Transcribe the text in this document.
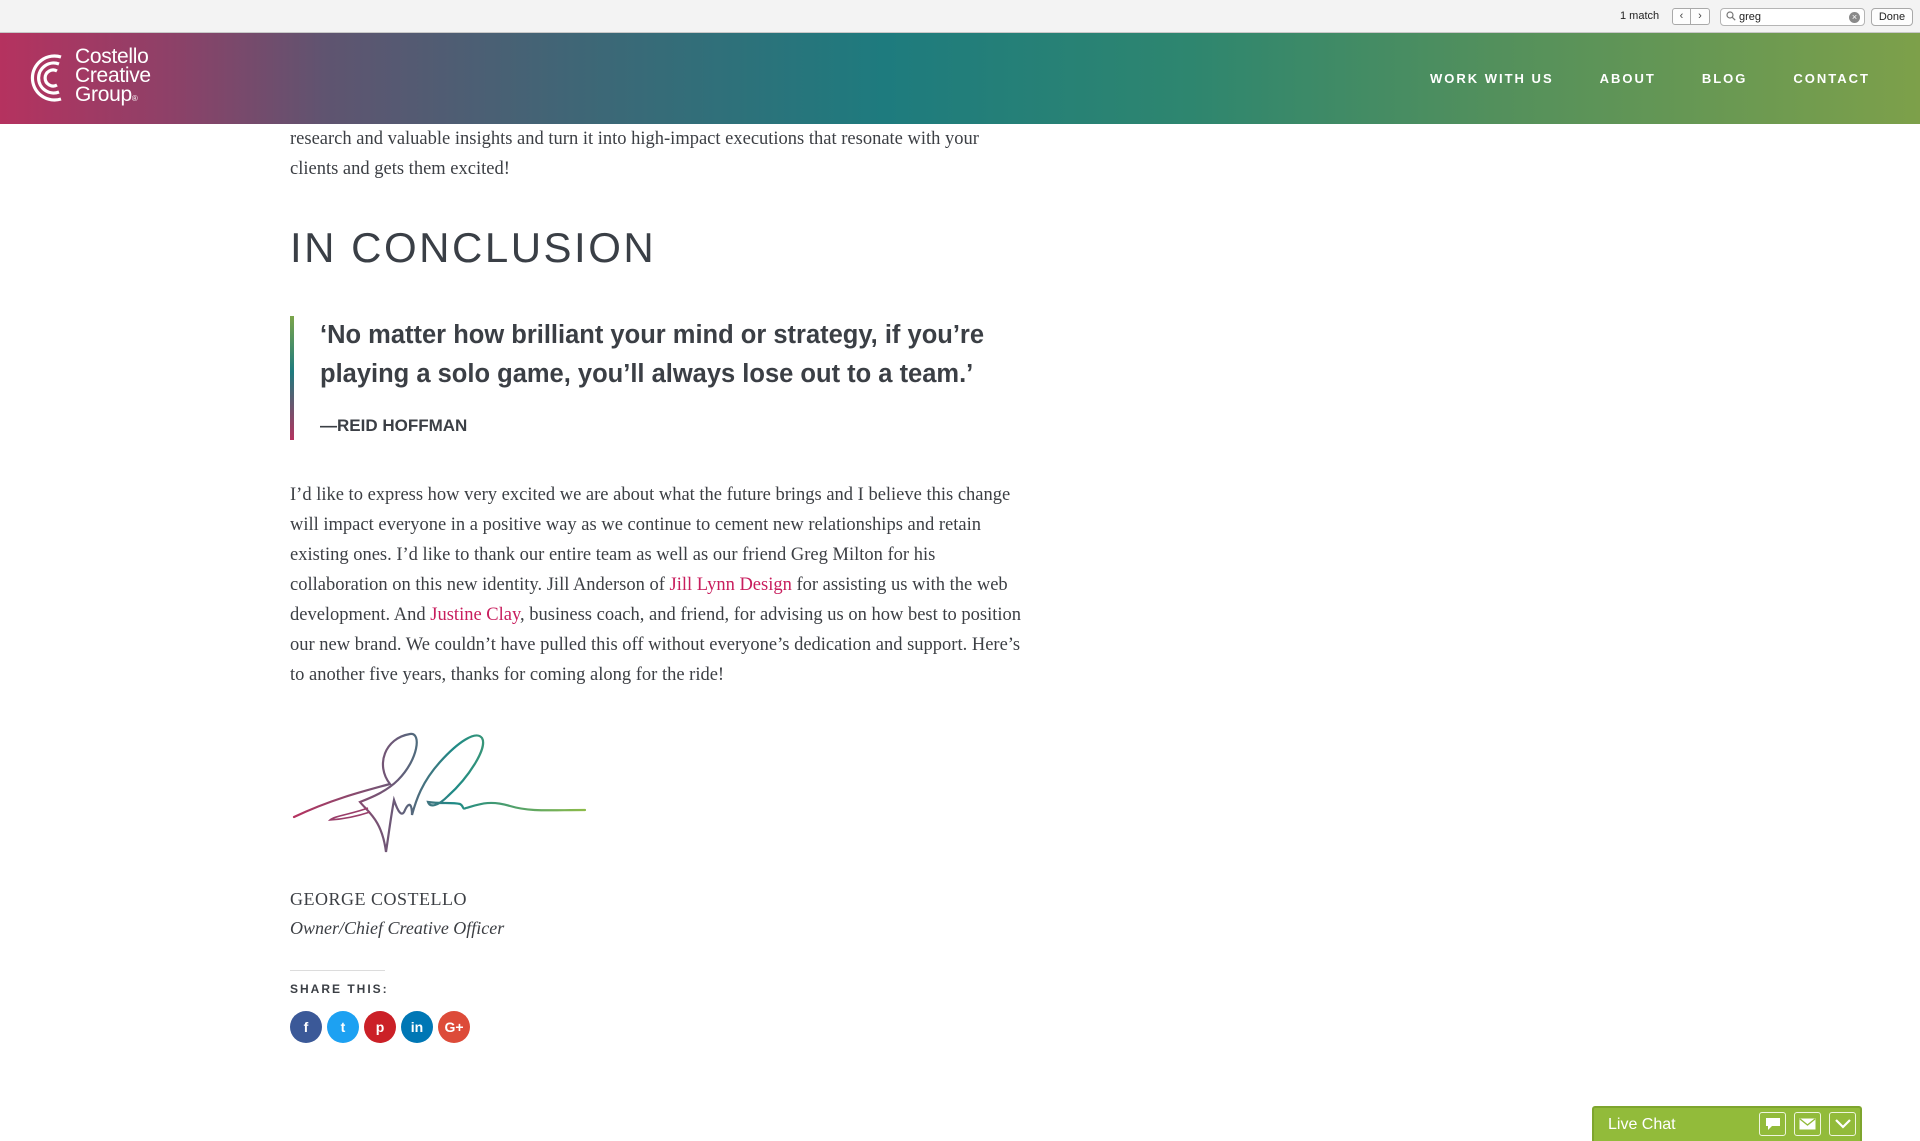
1 match	‹	›
greg	×	Done
Costello
Creative
Group®
WORK WITH US	ABOUT	BLOG	CONTACT

research and valuable insights and turn it into high-impact executions that resonate with your clients and gets them excited!

IN CONCLUSION
‘No matter how brilliant your mind or strategy, if you’re playing a solo game, you’ll always lose out to a team.’
—REID HOFFMAN

I’d like to express how very excited we are about what the future brings and I believe this change will impact everyone in a positive way as we continue to cement new relationships and retain existing ones. I’d like to thank our entire team as well as our friend Greg Milton for his collaboration on this new identity. Jill Anderson of Jill Lynn Design for assisting us with the web development. And Justine Clay, business coach, and friend, for advising us on how best to position our new brand. We couldn’t have pulled this off without everyone’s dedication and support. Here’s to another five years, thanks for coming along for the ride!

GEORGE COSTELLO
Owner/Chief Creative Officer
SHARE THIS:
f	t	p	in	G+
Live Chat
